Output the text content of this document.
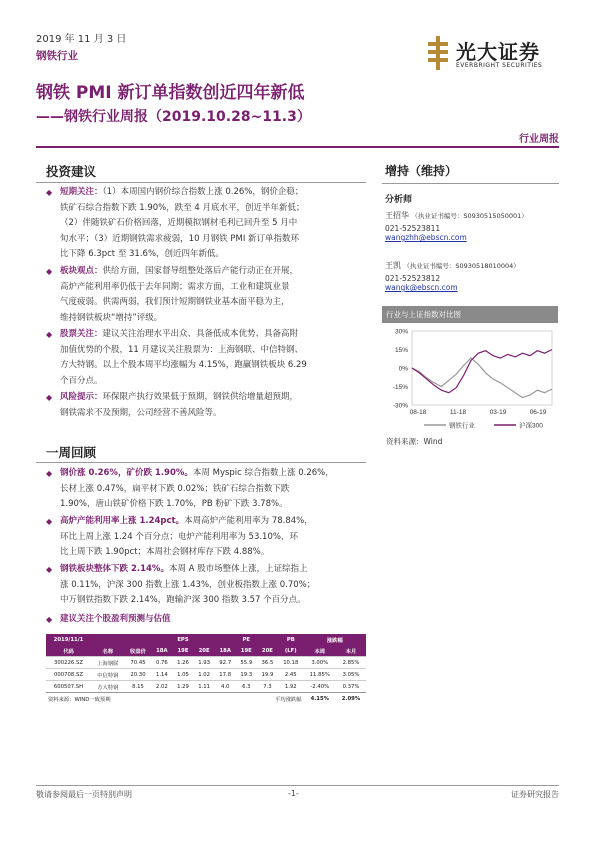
2019 年 11 月 3 日
钢铁行业	光大证券
EVERBRIGHT SECURITIES
钢铁 PMI 新订单指数创近四年新低
——钢铁行业周报（2019.10.28~11.3）
行业周报
投资建议
◆ 短期关注：（1）本周国内钢价综合指数上涨 0.26%，钢价企稳；
铁矿石综合指数下跌 1.90%，跌至 4 月底水平，创近半年新低；
（2）伴随铁矿石价格回落，近期模拟钢材毛利已回升至 5 月中
旬水平；（3）近期钢铁需求疲弱，10 月钢铁 PMI 新订单指数环
比下降 6.3pct 至 31.6%，创近四年新低。
◆ 板块观点：供给方面，国家督导组整处落后产能行动正在开展，
高炉产能利用率仍低于去年同期；需求方面，工业和建筑业景
气度疲弱。供需两弱，我们预计短期钢铁业基本面平稳为主，
维持钢铁板块“增持”评级。
◆ 股票关注：建议关注治理水平出众、具备低成本优势、具备高附
加值优势的个股，11 月建议关注股票为：上海钢联、中信特钢、
方大特钢。以上个股本周平均涨幅为 4.15%，跑赢钢铁板块 6.29
个百分点。
◆ 风险提示：环保限产执行效果低于预期，钢铁供给增量超预期，
钢铁需求不及预期，公司经营不善风险等。
一周回顾
◆ 钢价涨 0.26%，矿价跌 1.90%。本周 Myspic 综合指数上涨 0.26%，
长材上涨 0.47%，扁平材下跌 0.02%；铁矿石综合指数下跌
1.90%，唐山铁矿价格下跌 1.70%，PB 粉矿下跌 3.78%。
◆ 高炉产能利用率上涨 1.24pct。本周高炉产能利用率为 78.84%，
环比上周上涨 1.24 个百分点；电炉产能利用率为 53.10%，环
比上周下跌 1.90pct；本周社会钢材库存下跌 4.88%。
◆ 钢铁板块整体下跌 2.14%。本周 A 股市场整体上涨，上证综指上
涨 0.11%，沪深 300 指数上涨 1.43%，创业板指数上涨 0.70%；
中万钢铁指数下跌 2.14%，跑输沪深 300 指数 3.57 个百分点。
◆ 建议关注个股盈利预测与估值
2019/11/1			EPS			PE			PB	涨跌幅	
代码	名称	收盘价	18A	19E	20E	18A	19E	20E	(LF)	本周	本月
300226.SZ	上海钢联	70.45	0.76	1.26	1.93	92.7	55.9	36.5	10.18	3.00%	2.85%
000708.SZ	中信特钢	20.30	1.14	1.05	1.02	17.8	19.3	19.9	2.45	11.85%	3.05%
600507.SH	方大特钢	8.15	2.02	1.29	1.11	4.0	6.3	7.3	1.92	-2.40%	0.37%
资料来源：WIND一致预期				平均涨跌幅						4.15%	2.09%
增持（维持）
分析师
王招华 （执业证书编号：S0930515050001）
021-52523811
wangzhh@ebscn.com
王凯 （执业证书编号：S0930518010004）
021-52523812
wangk@ebscn.com
行业与上证指数对比图
30%
15%
0%
-15%
-30%
08-18	11-18	03-19	06-19
钢铁行业	沪深300
资料来源：Wind
敬请参阅最后一页特别声明	-1-	证券研究报告
